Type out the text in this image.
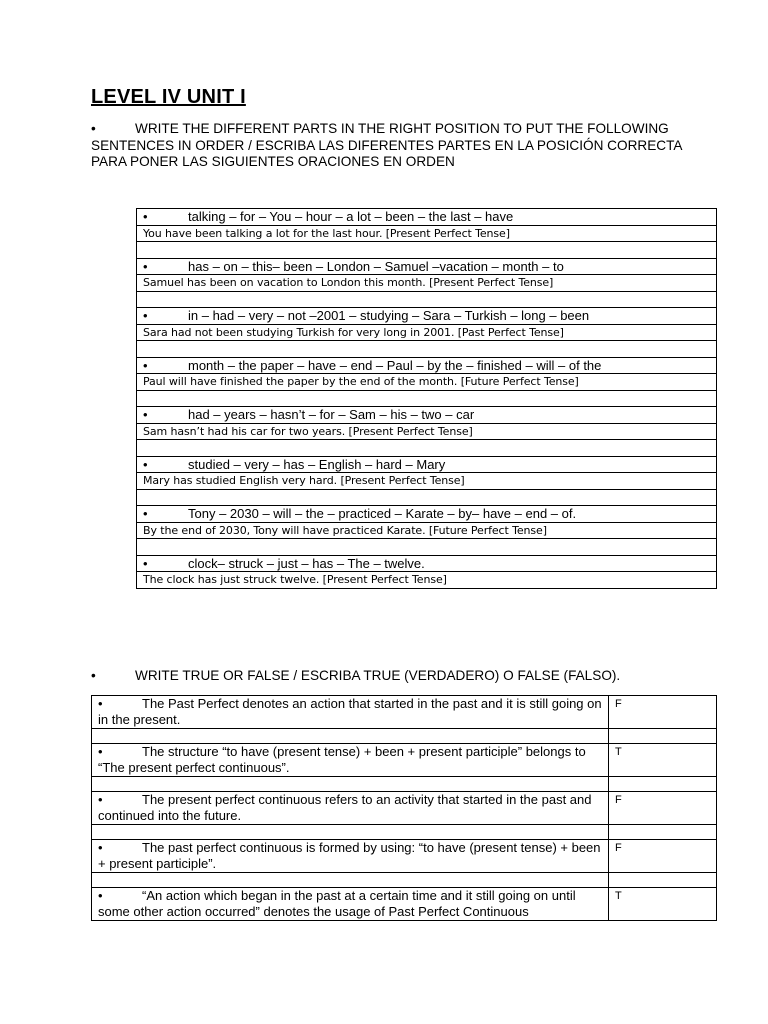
LEVEL IV UNIT I
•	WRITE THE DIFFERENT PARTS IN THE RIGHT POSITION TO PUT THE FOLLOWING SENTENCES IN ORDER / ESCRIBA LAS DIFERENTES PARTES EN LA POSICIÓN CORRECTA PARA PONER LAS SIGUIENTES ORACIONES EN ORDEN
•	talking – for – You – hour – a lot – been – the last – have
You have been talking a lot for the last hour. [Present Perfect Tense]

•	has – on – this– been – London – Samuel –vacation – month – to
Samuel has been on vacation to London this month. [Present Perfect Tense]

•	in – had – very – not –2001 – studying – Sara – Turkish – long – been
Sara had not been studying Turkish for very long in 2001. [Past Perfect Tense]

•	month – the paper – have – end – Paul – by the – finished – will – of the
Paul will have finished the paper by the end of the month. [Future Perfect Tense]

•	had – years – hasn’t – for – Sam – his – two – car
Sam hasn’t had his car for two years. [Present Perfect Tense]

•	studied – very – has – English – hard – Mary
Mary has studied English very hard. [Present Perfect Tense]

•	Tony – 2030 – will – the – practiced – Karate – by– have – end – of.
By the end of 2030, Tony will have practiced Karate. [Future Perfect Tense]

•	clock– struck – just – has – The – twelve.
The clock has just struck twelve. [Present Perfect Tense]
•	WRITE TRUE OR FALSE / ESCRIBA TRUE (VERDADERO) O FALSE (FALSO).
• The Past Perfect denotes an action that started in the past and it is still going on in the present.	F

• The structure “to have (present tense) + been + present participle” belongs to “The present perfect continuous”.	T

• The present perfect continuous refers to an activity that started in the past and continued into the future.	F

• The past perfect continuous is formed by using: “to have (present tense) + been + present participle”.	F

• “An action which began in the past at a certain time and it still going on until some other action occurred” denotes the usage of Past Perfect Continuous	T
